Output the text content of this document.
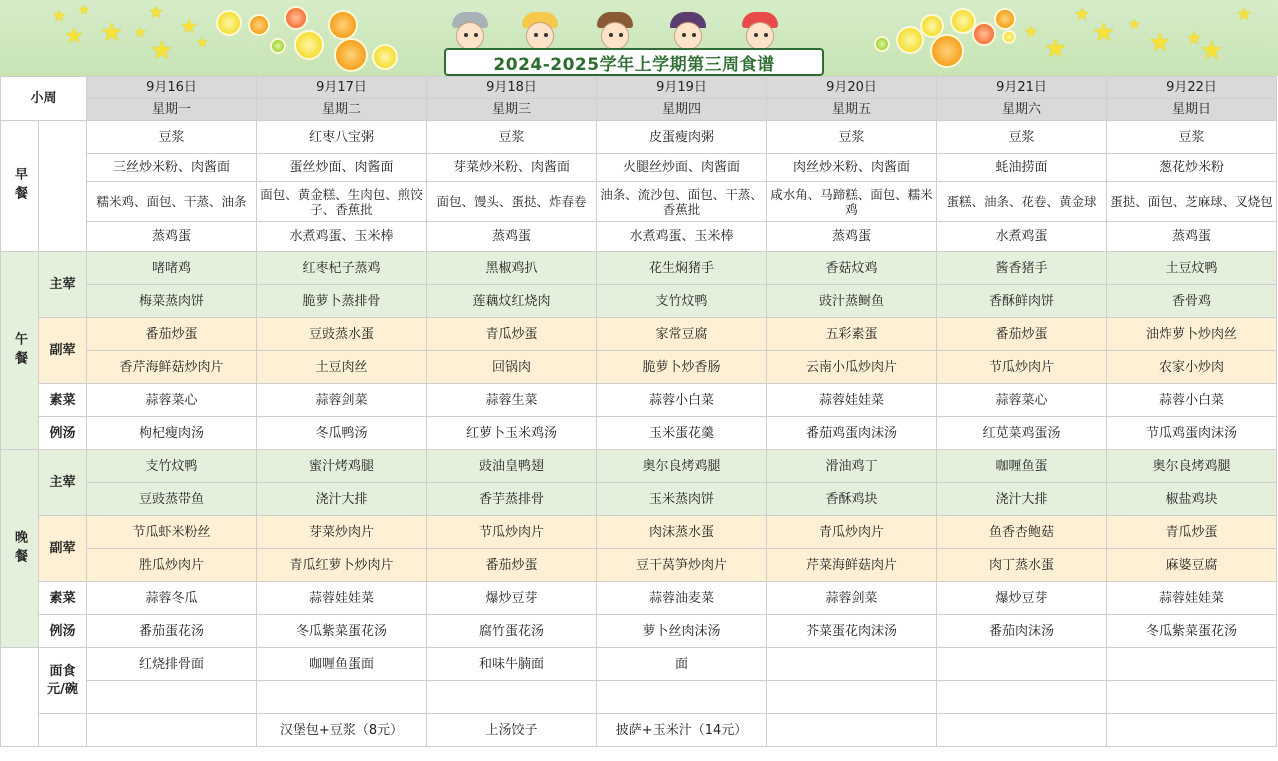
★ ★
★ ★
★
★
★ ★
★
2024-2025学年上学期第三周食谱
★
★
★
★ ★
★ ★
★
★
小周		9月16日	9月17日	9月18日	9月19日	9月20日	9月21日	9月22日
		星期一	星期二	星期三	星期四	星期五	星期六	星期日
早餐		豆浆	红枣八宝粥	豆浆	皮蛋瘦肉粥	豆浆	豆浆	豆浆
		三丝炒米粉、肉酱面	蛋丝炒面、肉酱面	芽菜炒米粉、肉酱面	火腿丝炒面、肉酱面	肉丝炒米粉、肉酱面	蚝油捞面	葱花炒米粉
		糯米鸡、面包、干蒸、油条	面包、黄金糕、生肉包、煎饺子、香蕉批	面包、馒头、蛋挞、炸春卷	油条、流沙包、面包、干蒸、香蕉批	咸水角、马蹄糕、面包、糯米鸡	蛋糕、油条、花卷、黄金球	蛋挞、面包、芝麻球、叉烧包
		蒸鸡蛋	水煮鸡蛋、玉米棒	蒸鸡蛋	水煮鸡蛋、玉米棒	蒸鸡蛋	水煮鸡蛋	蒸鸡蛋
午餐	主荤	啫啫鸡	红枣杞子蒸鸡	黑椒鸡扒	花生焖猪手	香菇炆鸡	酱香猪手	土豆炆鸭
		梅菜蒸肉饼	脆萝卜蒸排骨	莲藕炆红烧肉	支竹炆鸭	豉汁蒸鲥鱼	香酥鲜肉饼	香骨鸡
	副荤	番茄炒蛋	豆豉蒸水蛋	青瓜炒蛋	家常豆腐	五彩素蛋	番茄炒蛋	油炸萝卜炒肉丝
		香芹海鲜菇炒肉片	土豆肉丝	回锅肉	脆萝卜炒香肠	云南小瓜炒肉片	节瓜炒肉片	农家小炒肉
	素菜	蒜蓉菜心	蒜蓉剑菜	蒜蓉生菜	蒜蓉小白菜	蒜蓉娃娃菜	蒜蓉菜心	蒜蓉小白菜
	例汤	枸杞瘦肉汤	冬瓜鸭汤	红萝卜玉米鸡汤	玉米蛋花羹	番茄鸡蛋肉沫汤	红苋菜鸡蛋汤	节瓜鸡蛋肉沫汤
晚餐	主荤	支竹炆鸭	蜜汁烤鸡腿	豉油皇鸭翅	奥尔良烤鸡腿	滑油鸡丁	咖喱鱼蛋	奥尔良烤鸡腿
		豆豉蒸带鱼	浇汁大排	香芋蒸排骨	玉米蒸肉饼	香酥鸡块	浇汁大排	椒盐鸡块
	副荤	节瓜虾米粉丝	芽菜炒肉片	节瓜炒肉片	肉沫蒸水蛋	青瓜炒肉片	鱼香杏鲍菇	青瓜炒蛋
		胜瓜炒肉片	青瓜红萝卜炒肉片	番茄炒蛋	豆干莴笋炒肉片	芹菜海鲜菇肉片	肉丁蒸水蛋	麻婆豆腐
	素菜	蒜蓉冬瓜	蒜蓉娃娃菜	爆炒豆芽	蒜蓉油麦菜	蒜蓉剑菜	爆炒豆芽	蒜蓉娃娃菜
	例汤	番茄蛋花汤	冬瓜紫菜蛋花汤	腐竹蛋花汤	萝卜丝肉沫汤	芥菜蛋花肉沫汤	番茄肉沫汤	冬瓜紫菜蛋花汤
	面食元/碗	红烧排骨面	咖喱鱼蛋面	和味牛腩面	面			

			汉堡包+豆浆（8元）	上汤饺子	披萨+玉米汁（14元）			
